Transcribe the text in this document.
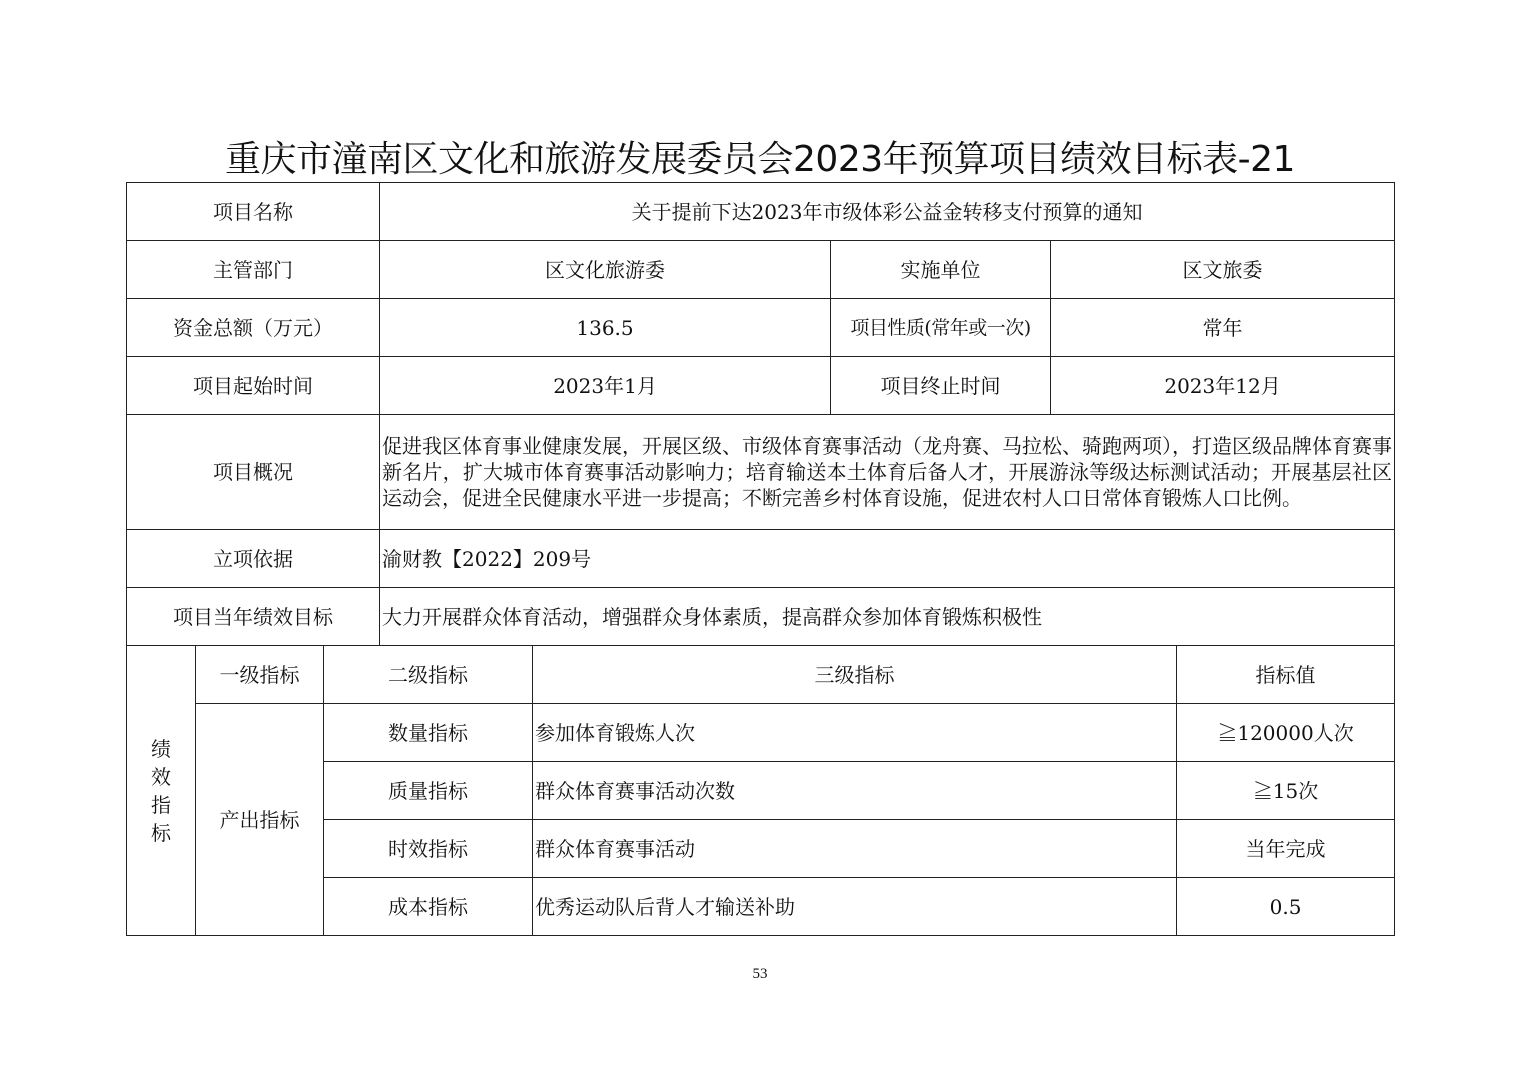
重庆市潼南区文化和旅游发展委员会2023年预算项目绩效目标表-21
项目名称			关于提前下达2023年市级体彩公益金转移支付预算的通知				
主管部门			区文化旅游委		实施单位	区文旅委	
资金总额（万元）			136.5		项目性质(常年或一次)	常年	
项目起始时间			2023年1月		项目终止时间	2023年12月	
项目概况			促进我区体育事业健康发展，开展区级、市级体育赛事活动（龙舟赛、马拉松、骑跑两项），打造区级品牌体育赛事新名片，扩大城市体育赛事活动影响力；培育输送本土体育后备人才，开展游泳等级达标测试活动；开展基层社区运动会，促进全民健康水平进一步提高；不断完善乡村体育设施，促进农村人口日常体育锻炼人口比例。				
立项依据			渝财教【2022】209号				
项目当年绩效目标			大力开展群众体育活动，增强群众身体素质，提高群众参加体育锻炼积极性				
绩效指标	一级指标	二级指标		三级指标			指标值
	产出指标	数量指标		参加体育锻炼人次			≧120000人次
		质量指标		群众体育赛事活动次数			≧15次
		时效指标		群众体育赛事活动			当年完成
		成本指标		优秀运动队后背人才输送补助			0.5
53
